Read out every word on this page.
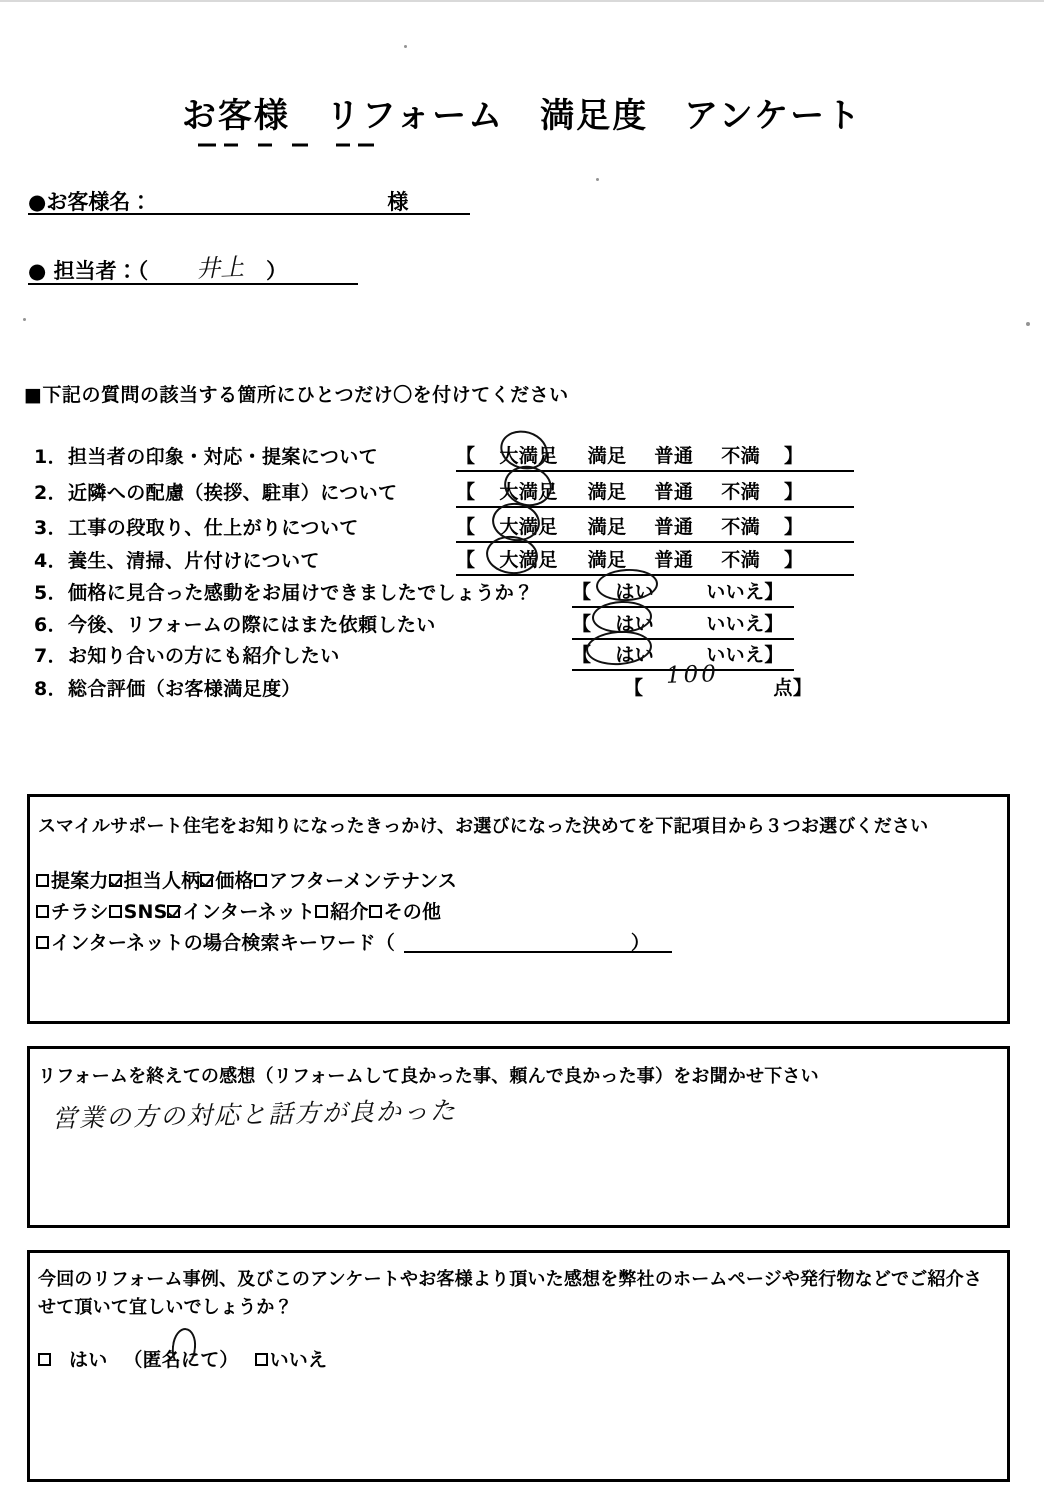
お客様　リフォーム　満足度　アンケート
●お客様名：	様
● 担当者：（	）
井上
■下記の質問の該当する箇所にひとつだけ〇を付けてください
1．担当者の印象・対応・提案について	【 大満足 満足 普通 不満 】
2．近隣への配慮（挨拶、駐車）について	【 大満足 満足 普通 不満 】
3．工事の段取り、仕上がりについて	【 大満足 満足 普通 不満 】
4．養生、清掃、片付けについて	【 大満足 満足 普通 不満 】
5．価格に見合った感動をお届けできましたでしょうか？ 【 はい	いいえ】
6．今後、リフォームの際にはまた依頼したい	【 はい	いいえ】
7．お知り合いの方にも紹介したい	【 はい	いいえ】
8．総合評価（お客様満足度）	【	点】
100
スマイルサポート住宅をお知りになったきっかけ、お選びになった決めてを下記項目から３つお選びください
提案力 担当人柄 価格 アフターメンテナンス
チラシ SNS インターネット 紹介 その他
インターネットの場合検索キーワード（	）
リフォームを終えての感想（リフォームして良かった事、頼んで良かった事）をお聞かせ下さい
営業の方の対応と話方が良かった
今回のリフォーム事例、及びこのアンケートやお客様より頂いた感想を弊社のホームページや発行物などでご紹介させて頂いて宜しいでしょうか？
はい （匿名にて） いいえ
